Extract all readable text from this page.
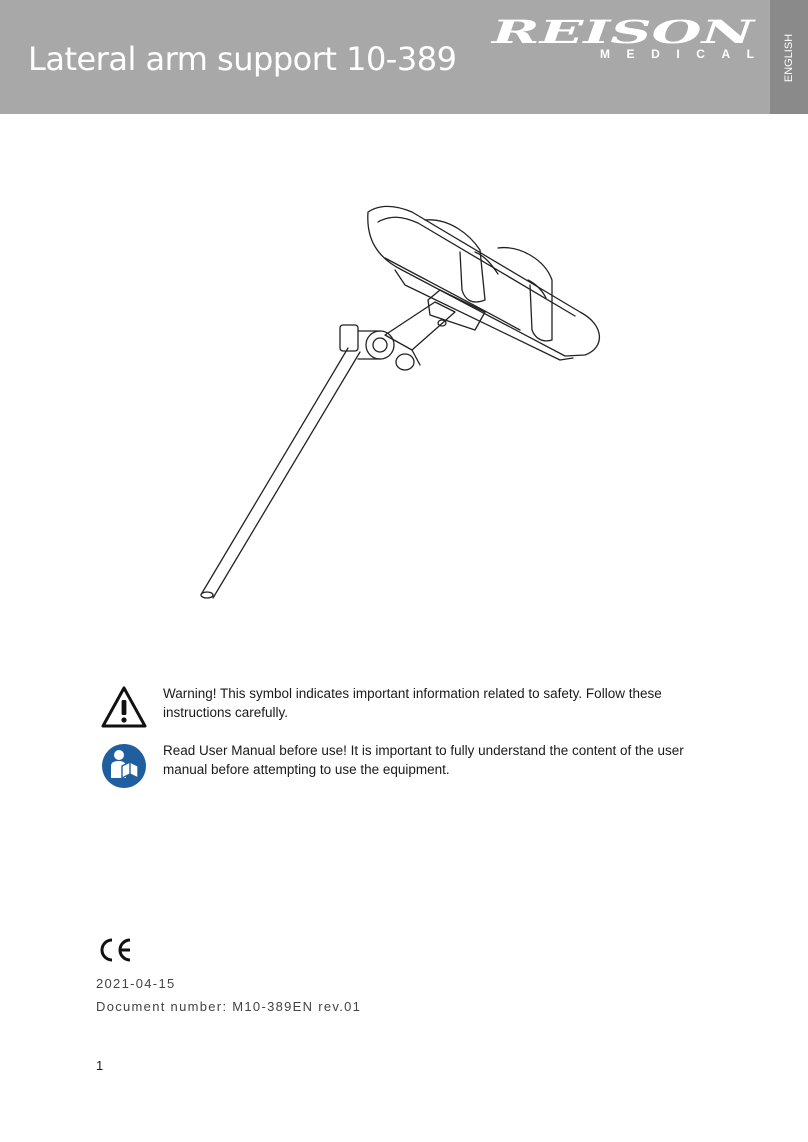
Lateral arm support 10-389
REISON
MEDICAL	ENGLISH
Warning! This symbol indicates important information related to safety. Follow these instructions carefully.
Read User Manual before use! It is important to fully understand the content of the user manual before attempting to use the equipment.
2021-04-15
Document number: M10-389EN rev.01
1
